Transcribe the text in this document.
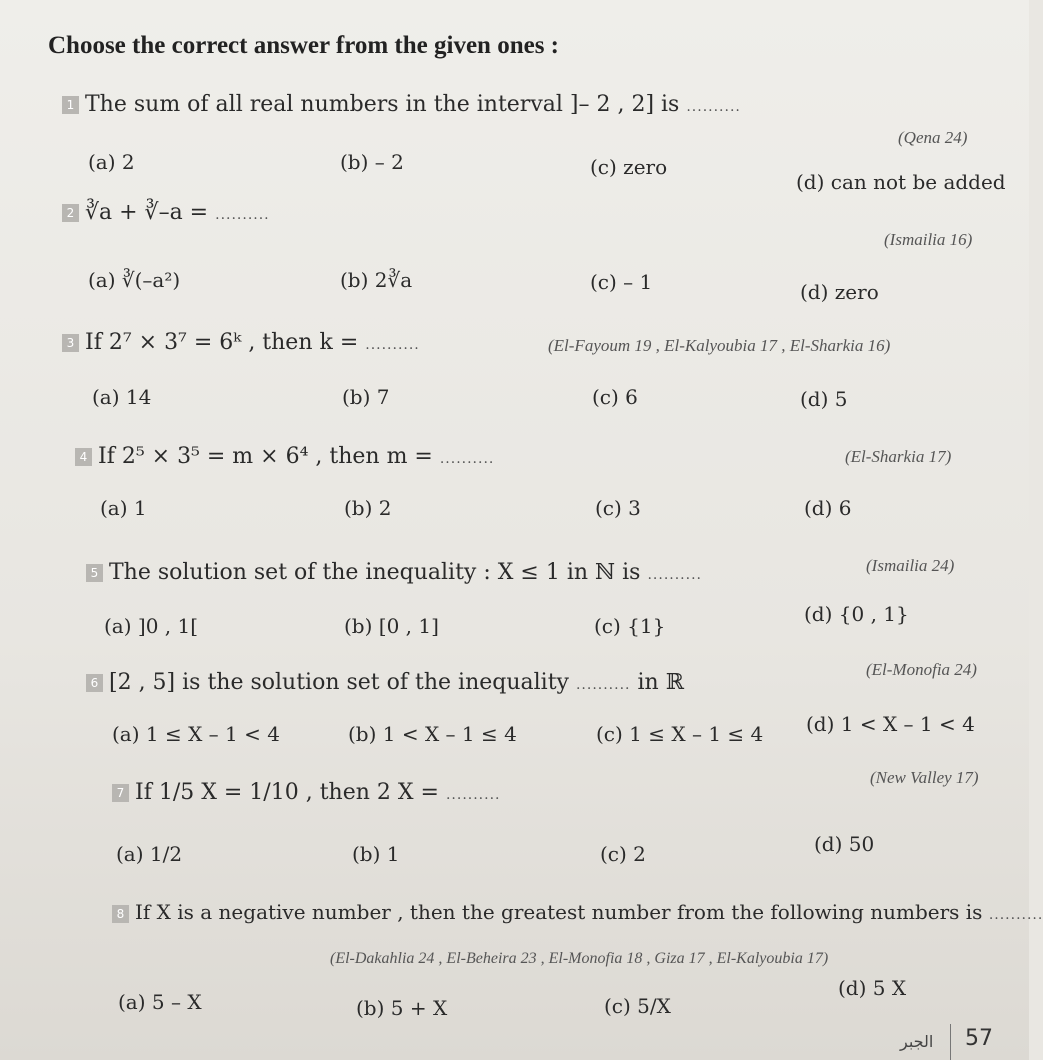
Choose the correct answer from the given ones :
1 The sum of all real numbers in the interval ]– 2 , 2] is ..........
(Qena 24)
(a) 2	(b) – 2	(c) zero
(d) can not be added
2 ∛a + ∛–a = ..........
(Ismailia 16)
(a) ∛(–a²)	(b) 2∛a	(c) – 1	(d) zero
3 If 2⁷ × 3⁷ = 6ᵏ , then k = ..........	(El-Fayoum 19 , El-Kalyoubia 17 , El-Sharkia 16)
(a) 14	(b) 7	(c) 6	(d) 5
4 If 2⁵ × 3⁵ = m × 6⁴ , then m = ..........	(El-Sharkia 17)
(a) 1	(b) 2	(c) 3	(d) 6
5 The solution set of the inequality : X ≤ 1 in ℕ is ..........	(Ismailia 24)
(a) ]0 , 1[	(b) [0 , 1]	(c) {1}	(d) {0 , 1}
6 [2 , 5] is the solution set of the inequality .......... in ℝ
(El-Monofia 24)
(a) 1 ≤ X – 1 < 4	(b) 1 < X – 1 ≤ 4	(c) 1 ≤ X – 1 ≤ 4 (d) 1 < X – 1 < 4
7 If 1/5 X = 1/10 , then 2 X = ..........
(New Valley 17)
(a) 1/2	(b) 1	(c) 2	(d) 50
8 If X is a negative number , then the greatest number from the following numbers is ..........
(El-Dakahlia 24 , El-Beheira 23 , El-Monofia 18 , Giza 17 , El-Kalyoubia 17)
(a) 5 – X	(b) 5 + X	(c) 5/X
(d) 5 X
الجبر 57
